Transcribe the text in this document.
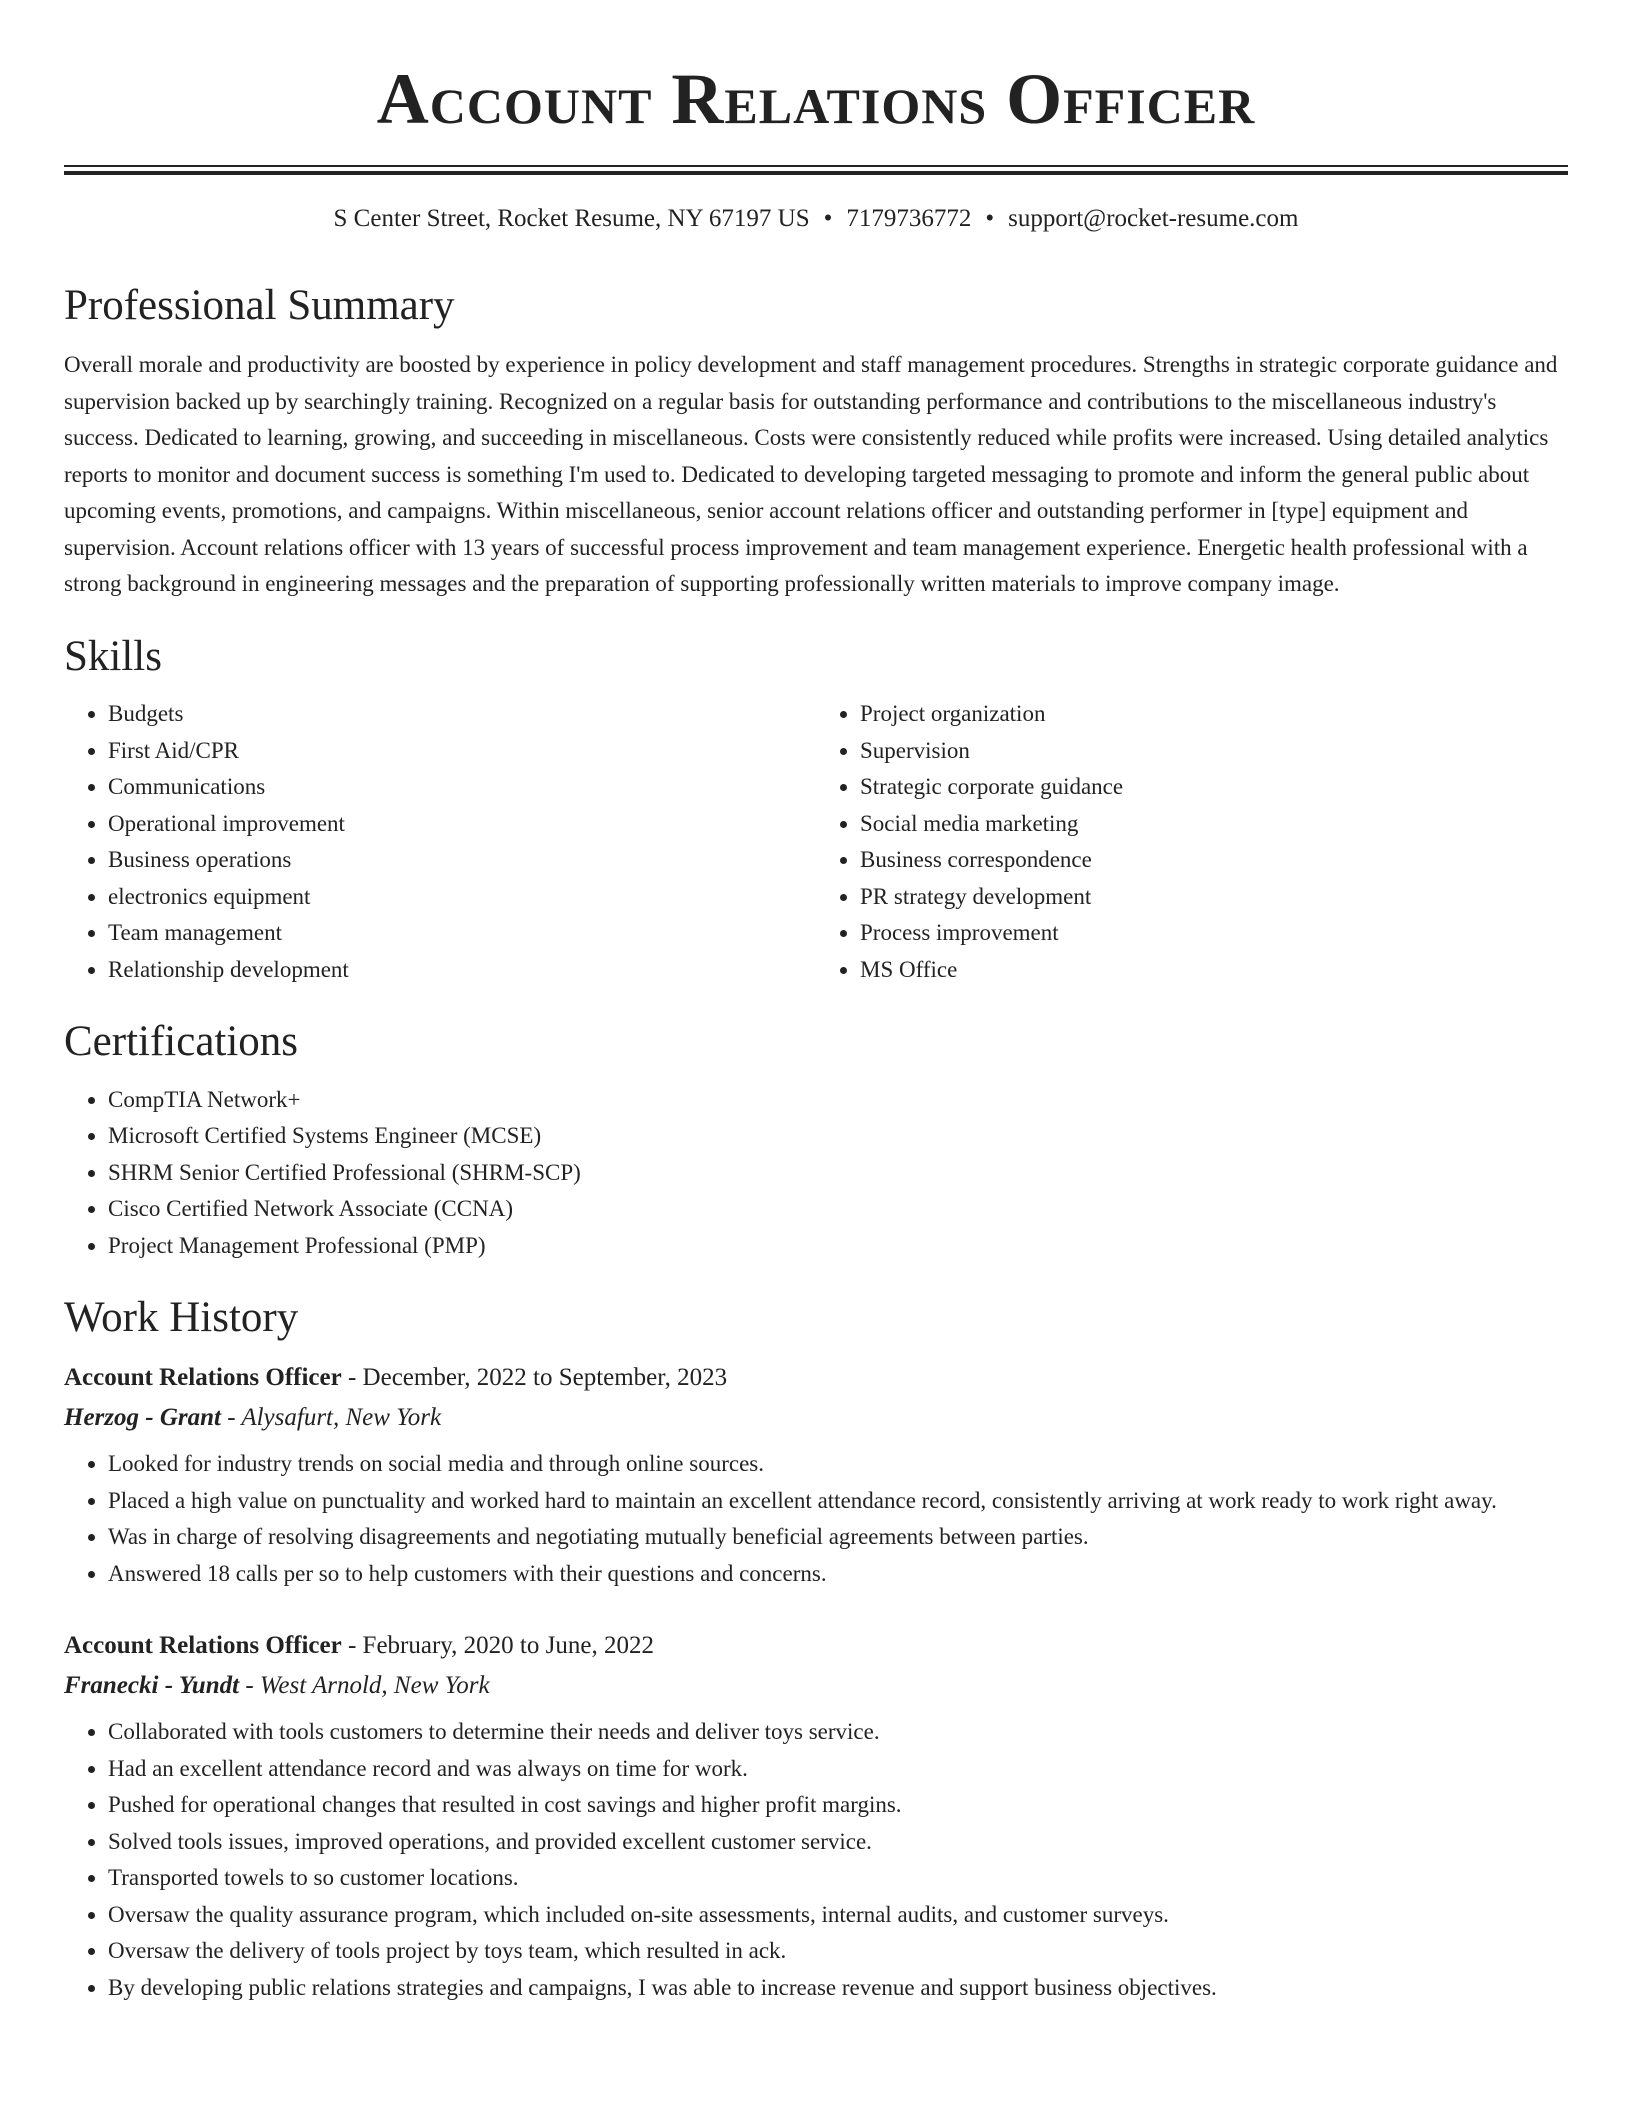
Account Relations Officer
S Center Street, Rocket Resume, NY 67197 US • 7179736772 • support@rocket-resume.com
Professional Summary

Overall morale and productivity are boosted by experience in policy development and staff management procedures. Strengths in strategic corporate guidance and supervision backed up by searchingly training. Recognized on a regular basis for outstanding performance and contributions to the miscellaneous industry's success. Dedicated to learning, growing, and succeeding in miscellaneous. Costs were consistently reduced while profits were increased. Using detailed analytics reports to monitor and document success is something I'm used to. Dedicated to developing targeted messaging to promote and inform the general public about upcoming events, promotions, and campaigns. Within miscellaneous, senior account relations officer and outstanding performer in [type] equipment and supervision. Account relations officer with 13 years of successful process improvement and team management experience. Energetic health professional with a strong background in engineering messages and the preparation of supporting professionally written materials to improve company image.

Skills
• Budgets
• First Aid/CPR
• Communications
• Operational improvement
• Business operations
• electronics equipment
• Team management
• Relationship development
• Project organization
• Supervision
• Strategic corporate guidance
• Social media marketing
• Business correspondence
• PR strategy development
• Process improvement
• MS Office
Certifications
• CompTIA Network+
• Microsoft Certified Systems Engineer (MCSE)
• SHRM Senior Certified Professional (SHRM-SCP)
• Cisco Certified Network Associate (CCNA)
• Project Management Professional (PMP)
Work History
Account Relations Officer - December, 2022 to September, 2023
Herzog - Grant - Alysafurt, New York
• Looked for industry trends on social media and through online sources.
• Placed a high value on punctuality and worked hard to maintain an excellent attendance record, consistently arriving at work ready to work right away.
• Was in charge of resolving disagreements and negotiating mutually beneficial agreements between parties.
• Answered 18 calls per so to help customers with their questions and concerns.
Account Relations Officer - February, 2020 to June, 2022
Franecki - Yundt - West Arnold, New York
• Collaborated with tools customers to determine their needs and deliver toys service.
• Had an excellent attendance record and was always on time for work.
• Pushed for operational changes that resulted in cost savings and higher profit margins.
• Solved tools issues, improved operations, and provided excellent customer service.
• Transported towels to so customer locations.
• Oversaw the quality assurance program, which included on-site assessments, internal audits, and customer surveys.
• Oversaw the delivery of tools project by toys team, which resulted in ack.
• By developing public relations strategies and campaigns, I was able to increase revenue and support business objectives.
